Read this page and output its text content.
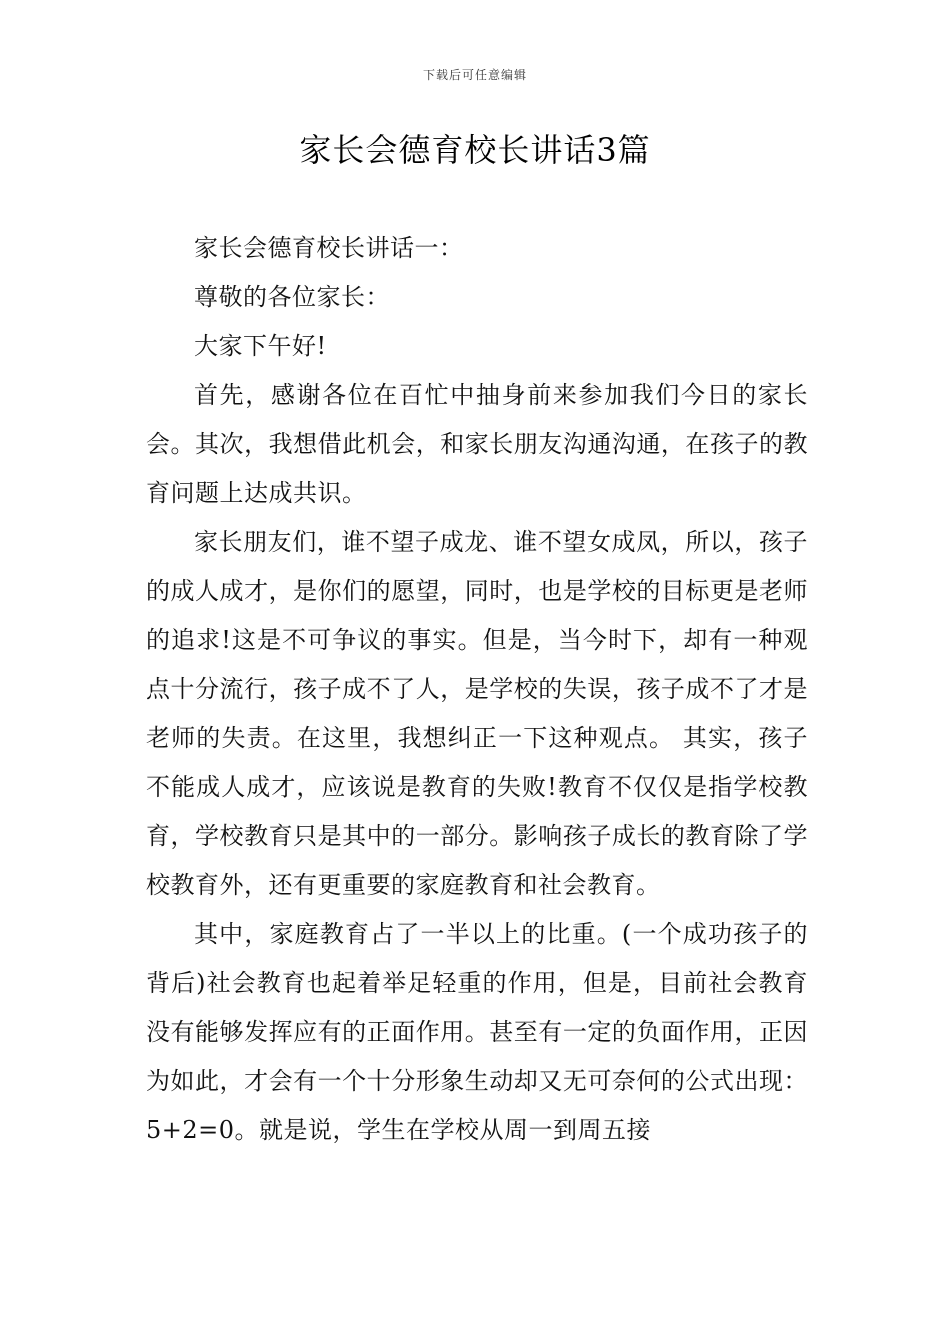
下载后可任意编辑
家长会德育校长讲话3篇

家长会德育校长讲话一：

尊敬的各位家长：

大家下午好!

首先，感谢各位在百忙中抽身前来参加我们今日的家长会。其次，我想借此机会，和家长朋友沟通沟通，在孩子的教育问题上达成共识。

家长朋友们，谁不望子成龙、谁不望女成凤，所以，孩子的成人成才，是你们的愿望，同时，也是学校的目标更是老师的追求!这是不可争议的事实。但是，当今时下，却有一种观点十分流行，孩子成不了人，是学校的失误，孩子成不了才是老师的失责。在这里，我想纠正一下这种观点。 其实，孩子不能成人成才，应该说是教育的失败!教育不仅仅是指学校教育，学校教育只是其中的一部分。影响孩子成长的教育除了学校教育外，还有更重要的家庭教育和社会教育。

其中，家庭教育占了一半以上的比重。(一个成功孩子的背后)社会教育也起着举足轻重的作用，但是，目前社会教育没有能够发挥应有的正面作用。甚至有一定的负面作用，正因为如此，才会有一个十分形象生动却又无可奈何的公式出现：5+2=0。就是说，学生在学校从周一到周五接
